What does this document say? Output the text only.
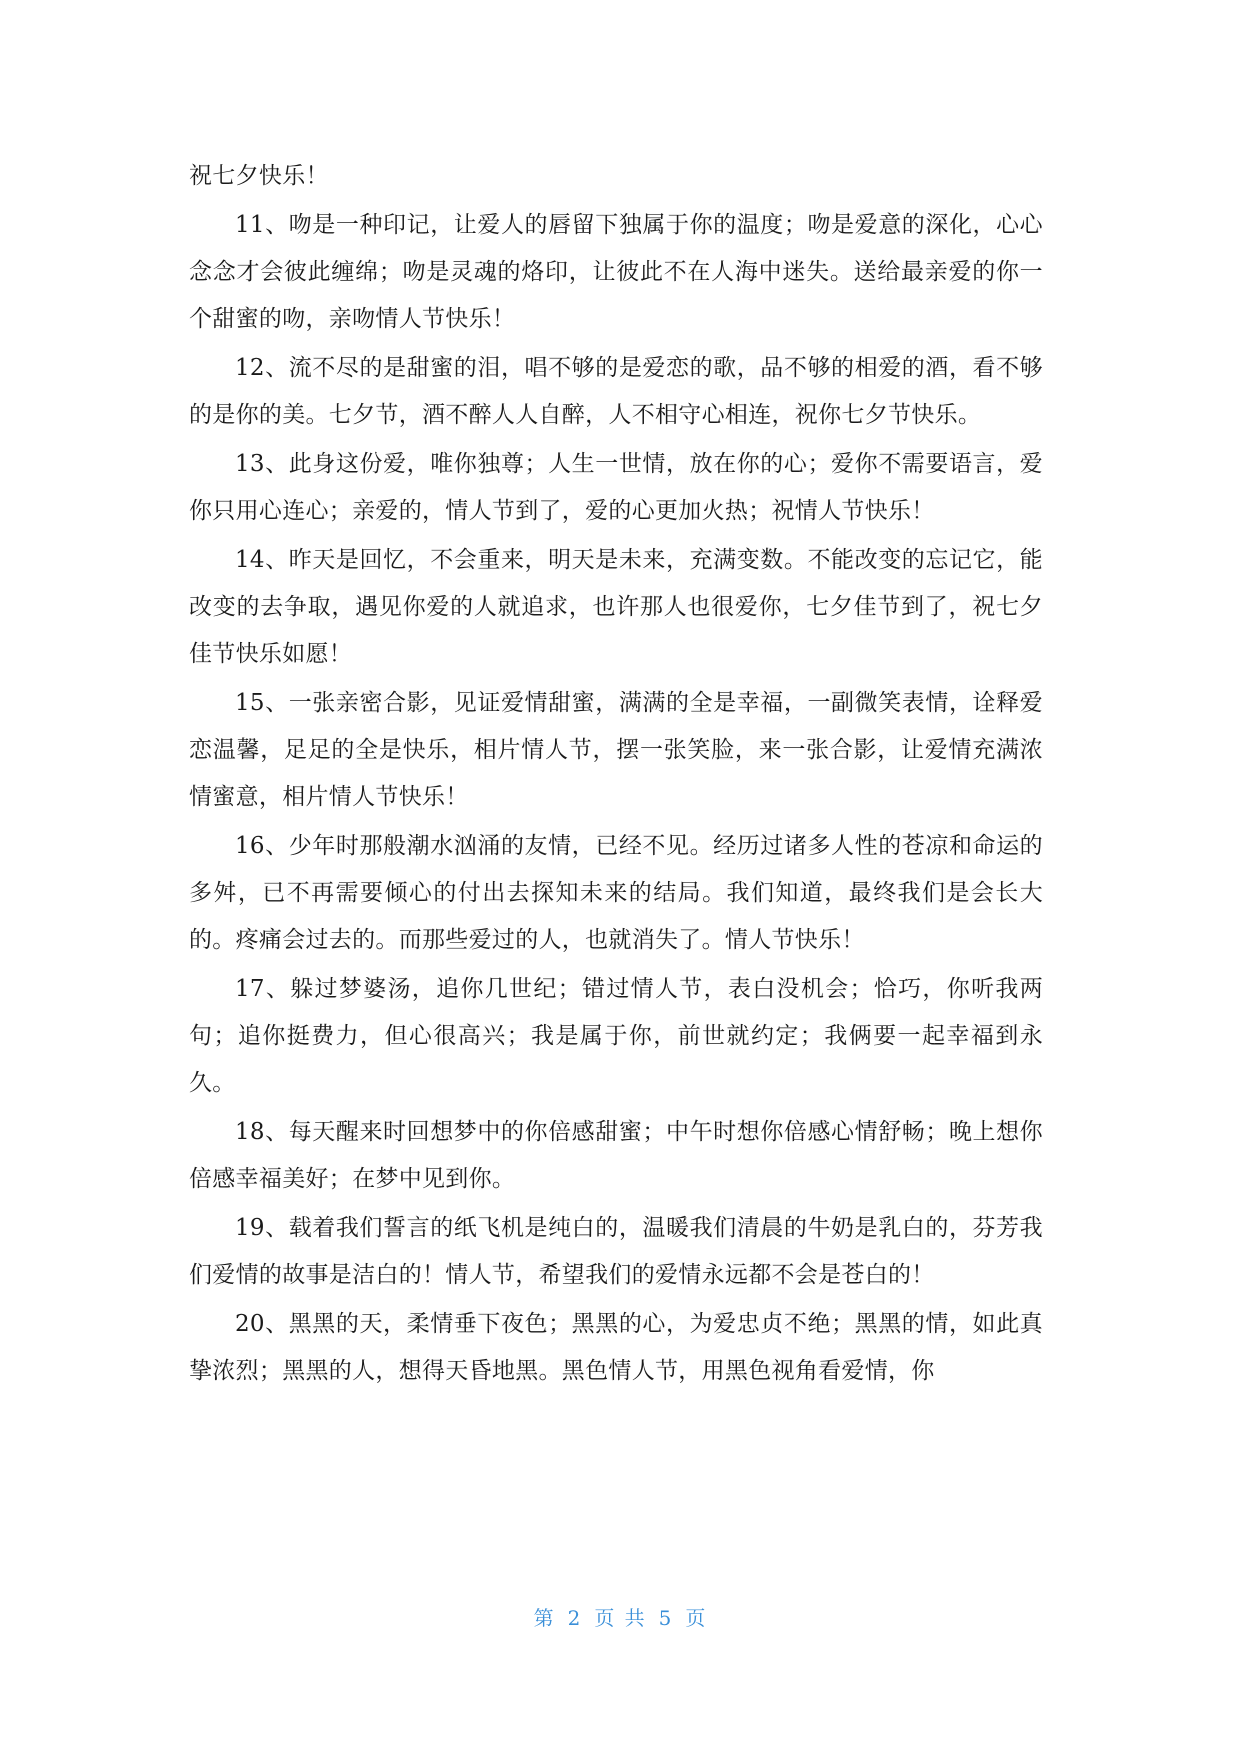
祝七夕快乐！

11、吻是一种印记，让爱人的唇留下独属于你的温度；吻是爱意的深化，心心念念才会彼此缠绵；吻是灵魂的烙印，让彼此不在人海中迷失。送给最亲爱的你一个甜蜜的吻，亲吻情人节快乐！

12、流不尽的是甜蜜的泪，唱不够的是爱恋的歌，品不够的相爱的酒，看不够的是你的美。七夕节，酒不醉人人自醉，人不相守心相连，祝你七夕节快乐。

13、此身这份爱，唯你独尊；人生一世情，放在你的心；爱你不需要语言，爱你只用心连心；亲爱的，情人节到了，爱的心更加火热；祝情人节快乐！

14、昨天是回忆，不会重来，明天是未来，充满变数。不能改变的忘记它，能改变的去争取，遇见你爱的人就追求，也许那人也很爱你，七夕佳节到了，祝七夕佳节快乐如愿！

15、一张亲密合影，见证爱情甜蜜，满满的全是幸福，一副微笑表情，诠释爱恋温馨，足足的全是快乐，相片情人节，摆一张笑脸，来一张合影，让爱情充满浓情蜜意，相片情人节快乐！

16、少年时那般潮水汹涌的友情，已经不见。经历过诸多人性的苍凉和命运的多舛，已不再需要倾心的付出去探知未来的结局。我们知道，最终我们是会长大的。疼痛会过去的。而那些爱过的人，也就消失了。情人节快乐！

17、躲过梦婆汤，追你几世纪；错过情人节，表白没机会；恰巧，你听我两句；追你挺费力，但心很高兴；我是属于你，前世就约定；我俩要一起幸福到永久。

18、每天醒来时回想梦中的你倍感甜蜜；中午时想你倍感心情舒畅；晚上想你倍感幸福美好；在梦中见到你。

19、载着我们誓言的纸飞机是纯白的，温暖我们清晨的牛奶是乳白的，芬芳我们爱情的故事是洁白的！情人节，希望我们的爱情永远都不会是苍白的！

20、黑黑的天，柔情垂下夜色；黑黑的心，为爱忠贞不绝；黑黑的情，如此真挚浓烈；黑黑的人，想得天昏地黑。黑色情人节，用黑色视角看爱情，你

第 2 页 共 5 页
